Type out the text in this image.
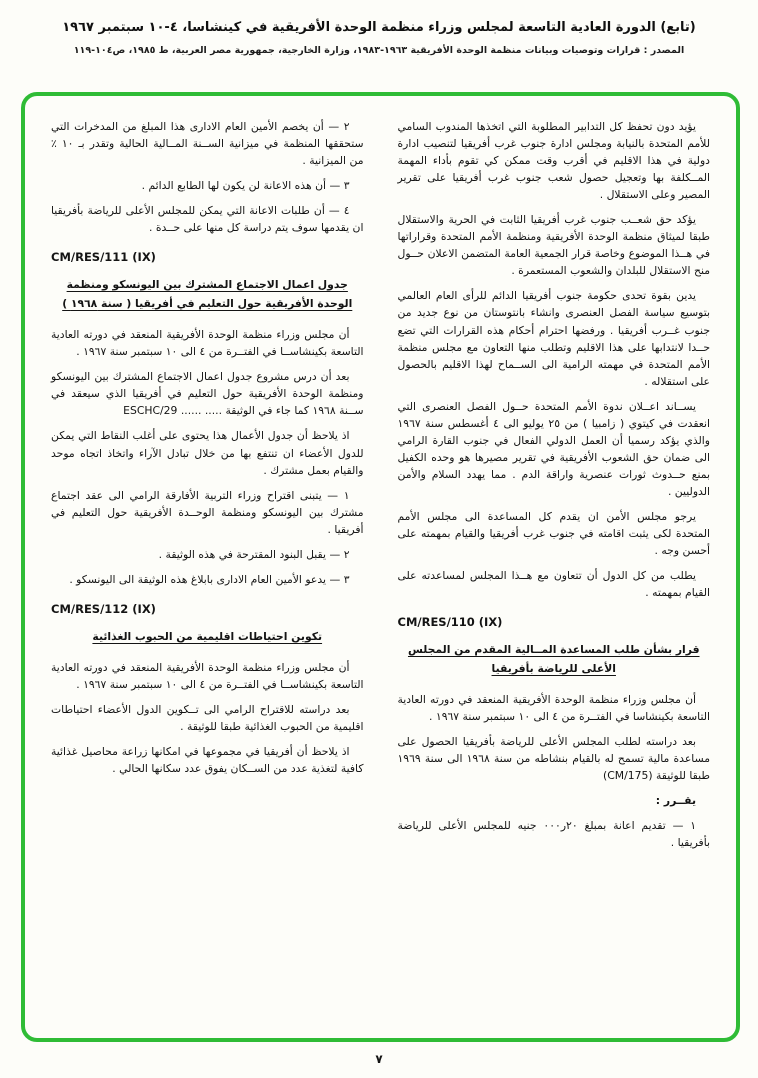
(تابع) الدورة العادية التاسعة لمجلس وزراء منظمة الوحدة الأفريقية في كينشاسا، ٤-١٠ سبتمبر ١٩٦٧
المصدر : قرارات وتوصيات وبيانات منظمة الوحدة الأفريقية ١٩٦٣-١٩٨٣، وزارة الخارجية، جمهورية مصر العربية، ط ١٩٨٥، ص١٠٤-١١٩

يؤيد دون تحفظ كل التدابير المطلوبة التي اتخذها المندوب السامي للأمم المتحدة بالنيابة ومجلس ادارة جنوب غرب أفريقيا لتنصيب ادارة دولية في هذا الاقليم في أقرب وقت ممكن كي تقوم بأداء المهمة المــكلفة بها وتعجيل حصول شعب جنوب غرب أفريقيا على تقرير المصير وعلى الاستقلال .

يؤكد حق شعــب جنوب غرب أفريقيا الثابت في الحرية والاستقلال طبقا لميثاق منظمة الوحدة الأفريقية ومنظمة الأمم المتحدة وقراراتها في هــذا الموضوع وخاصة قرار الجمعية العامة المتضمن الاعلان حــول منح الاستقلال للبلدان والشعوب المستعمرة .

يدين بقوة تحدى حكومة جنوب أفريقيا الدائم للرأى العام العالمي بتوسيع سياسة الفصل العنصرى وانشاء بانتوستان من نوع جديد من جنوب غــرب أفريقيا . ورفضها احترام أحكام هذه القرارات التي تضع حــدا لانتدابها على هذا الاقليم وتطلب منها التعاون مع مجلس منظمة الأمم المتحدة في مهمته الرامية الى الســماح لهذا الاقليم بالحصول على استقلاله .

يســاند اعــلان ندوة الأمم المتحدة حــول الفصل العنصرى التي انعقدت في كيتوي ( زامبيا ) من ٢٥ يوليو الى ٤ أغسطس سنة ١٩٦٧ والذي يؤكد رسميا أن العمل الدولي الفعال في جنوب القارة الرامي الى ضمان حق الشعوب الأفريقية في تقرير مصيرها هو وحده الكفيل بمنع حــدوث ثورات عنصرية واراقة الدم . مما يهدد السلام والأمن الدوليين .

يرجو مجلس الأمن ان يقدم كل المساعدة الى مجلس الأمم المتحدة لكى يثبت اقامته في جنوب غرب أفريقيا والقيام بمهمته على أحسن وجه .

يطلب من كل الدول أن تتعاون مع هــذا المجلس لمساعدته على القيام بمهمته .

CM/RES/110 (IX)

قرار بشأن طلب المساعدة المــالية المقدم من المجلس الأعلى للرياضة بأفريقيا

أن مجلس وزراء منظمة الوحدة الأفريقية المنعقد في دورته العادية التاسعة بكينشاسا في الفتــرة من ٤ الى ١٠ سبتمبر سنة ١٩٦٧ .

بعد دراسته لطلب المجلس الأعلى للرياضة بأفريقيا الحصول على مساعدة مالية تسمح له بالقيام بنشاطه من سنة ١٩٦٨ الى سنة ١٩٦٩ طبقا للوثيقة (CM/175)

يقــرر :

١ — تقديم اعانة بمبلغ ٢٠ر٠٠٠ جنيه للمجلس الأعلى للرياضة بأفريقيا .

٢ — أن يخصم الأمين العام الادارى هذا المبلغ من المدخرات التي ستحققها المنظمة في ميزانية الســنة المــالية الحالية وتقدر بـ ١٠ ٪ من الميزانية .

٣ — أن هذه الاعانة لن يكون لها الطابع الدائم .

٤ — أن طلبات الاعانة التي يمكن للمجلس الأعلى للرياضة بأفريقيا ان يقدمها سوف يتم دراسة كل منها على حــدة .

CM/RES/111 (IX)

جدول اعمال الاجتماع المشترك بين اليونسكو ومنظمة الوحدة الأفريقية حول التعليم في أفريقيا ( سنة ١٩٦٨ )

أن مجلس وزراء منظمة الوحدة الأفريقية المنعقد في دورته العادية التاسعة بكينشاســا في الفتــرة من ٤ الى ١٠ سبتمبر سنة ١٩٦٧ .

بعد أن درس مشروع جدول اعمال الاجتماع المشترك بين اليونسكو ومنظمة الوحدة الأفريقية حول التعليم في أفريقيا الذي سيعقد في ســنة ١٩٦٨ كما جاء في الوثيقة ..... ...... ESCHC/29

اذ يلاحظ أن جدول الأعمال هذا يحتوى على أغلب النقاط التي يمكن للدول الأعضاء ان تنتفع بها من خلال تبادل الآراء واتخاذ اتجاه موحد والقيام بعمل مشترك .

١ — يتبنى اقتراح وزراء التربية الأفارقة الرامي الى عقد اجتماع مشترك بين اليونسكو ومنظمة الوحــدة الأفريقية حول التعليم في أفريقيا .

٢ — يقبل البنود المقترحة في هذه الوثيقة .

٣ — يدعو الأمين العام الادارى بابلاغ هذه الوثيقة الى اليونسكو .

CM/RES/112 (IX)

تكوين احتياطات اقليمية من الحبوب الغذائية

أن مجلس وزراء منظمة الوحدة الأفريقية المنعقد في دورته العادية التاسعة بكينشاســا في الفتــرة من ٤ الى ١٠ سبتمبر سنة ١٩٦٧ .

بعد دراسته للاقتراح الرامي الى تــكوين الدول الأعضاء احتياطات اقليمية من الحبوب الغذائية طبقا للوثيقة .

اذ يلاحظ أن أفريقيا في مجموعها في امكانها زراعة محاصيل غذائية كافية لتغذية عدد من الســكان يفوق عدد سكانها الحالي .

٧
